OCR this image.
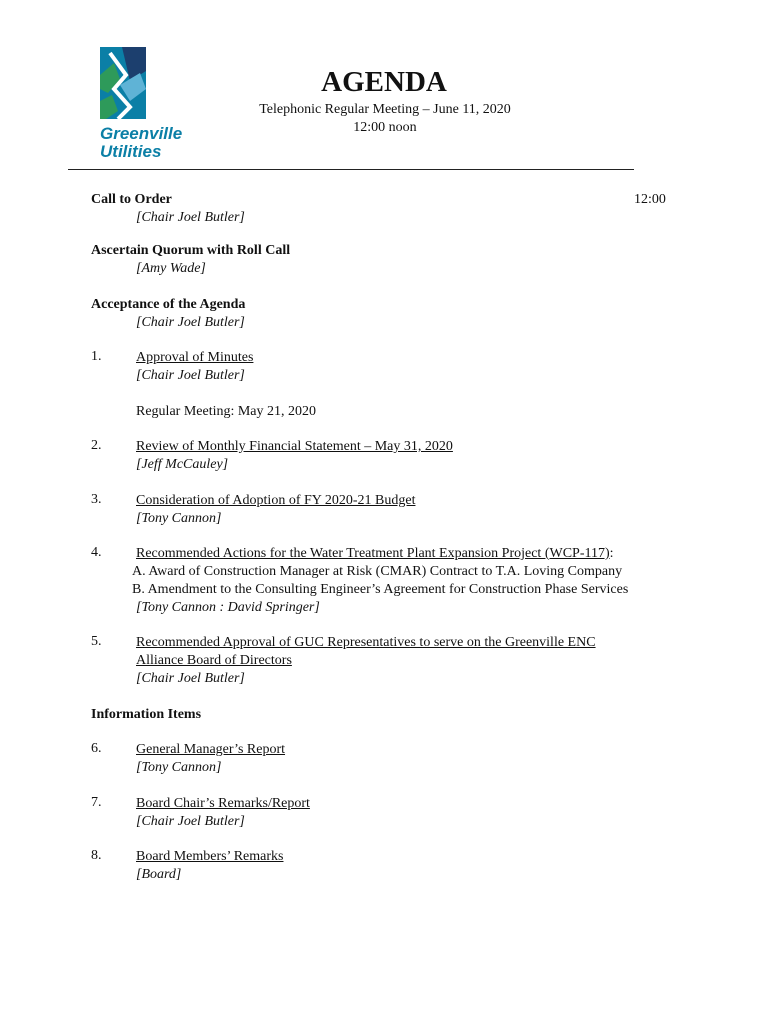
Greenville
Utilities
AGENDA
Telephonic Regular Meeting – June 11, 2020
12:00 noon
Call to Order	12:00
[Chair Joel Butler]
Ascertain Quorum with Roll Call
[Amy Wade]
Acceptance of the Agenda
[Chair Joel Butler]
1. Approval of Minutes
[Chair Joel Butler]
Regular Meeting: May 21, 2020
2. Review of Monthly Financial Statement – May 31, 2020
[Jeff McCauley]
3. Consideration of Adoption of FY 2020-21 Budget
[Tony Cannon]
4. Recommended Actions for the Water Treatment Plant Expansion Project (WCP-117):
A. Award of Construction Manager at Risk (CMAR) Contract to T.A. Loving Company
B. Amendment to the Consulting Engineer’s Agreement for Construction Phase Services
[Tony Cannon : David Springer]
5. Recommended Approval of GUC Representatives to serve on the Greenville ENC
Alliance Board of Directors
[Chair Joel Butler]
Information Items
6. General Manager’s Report
[Tony Cannon]
7. Board Chair’s Remarks/Report
[Chair Joel Butler]
8. Board Members’ Remarks
[Board]
